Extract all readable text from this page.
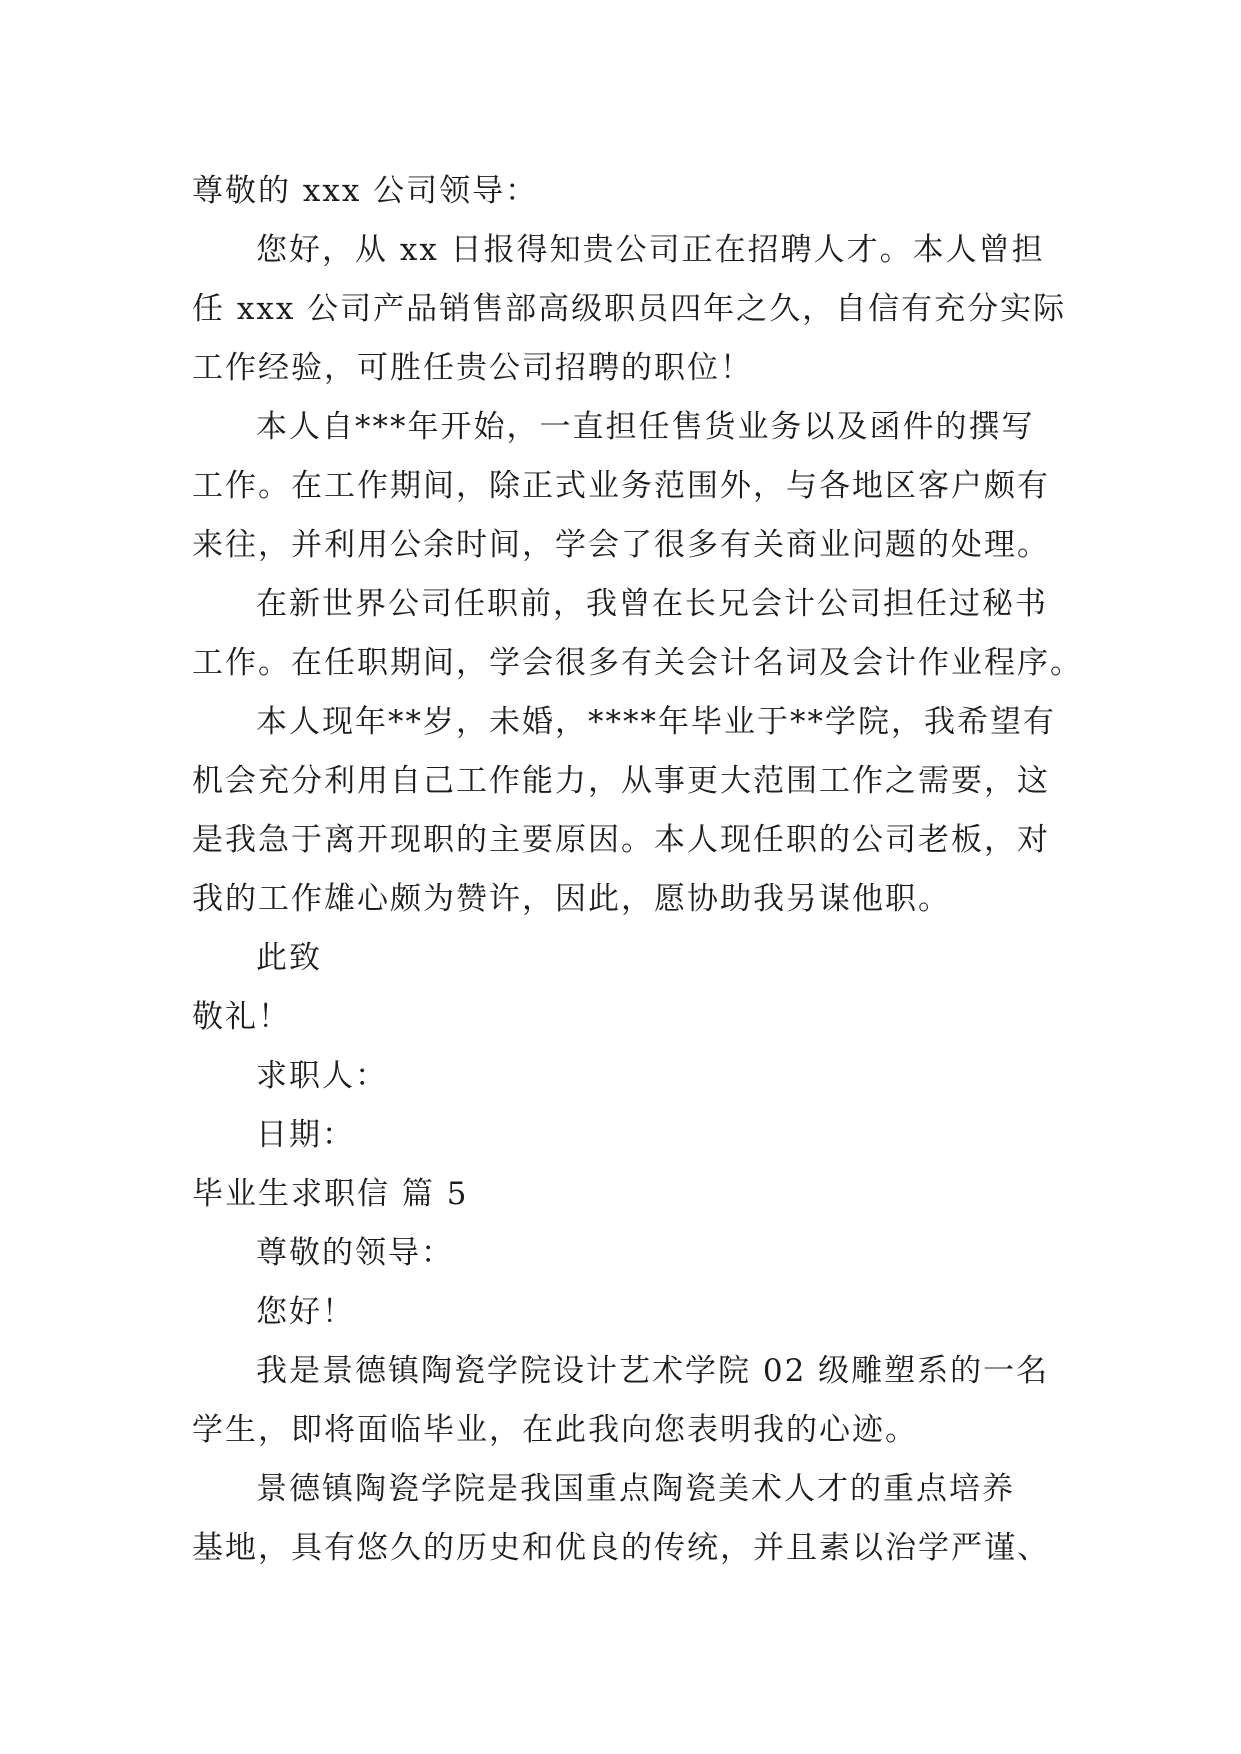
尊敬的 xxx 公司领导：

您好，从 xx 日报得知贵公司正在招聘人才。本人曾担
任 xxx 公司产品销售部高级职员四年之久，自信有充分实际
工作经验，可胜任贵公司招聘的职位！

本人自***年开始，一直担任售货业务以及函件的撰写
工作。在工作期间，除正式业务范围外，与各地区客户颇有
来往，并利用公余时间，学会了很多有关商业问题的处理。

在新世界公司任职前，我曾在长兄会计公司担任过秘书
工作。在任职期间，学会很多有关会计名词及会计作业程序。

本人现年**岁，未婚，****年毕业于**学院，我希望有
机会充分利用自己工作能力，从事更大范围工作之需要，这
是我急于离开现职的主要原因。本人现任职的公司老板，对
我的工作雄心颇为赞许，因此，愿协助我另谋他职。

此致

敬礼！

求职人：

日期：

毕业生求职信 篇 5

尊敬的领导：

您好！

我是景德镇陶瓷学院设计艺术学院 02 级雕塑系的一名
学生，即将面临毕业，在此我向您表明我的心迹。

景德镇陶瓷学院是我国重点陶瓷美术人才的重点培养
基地，具有悠久的历史和优良的传统，并且素以治学严谨、
